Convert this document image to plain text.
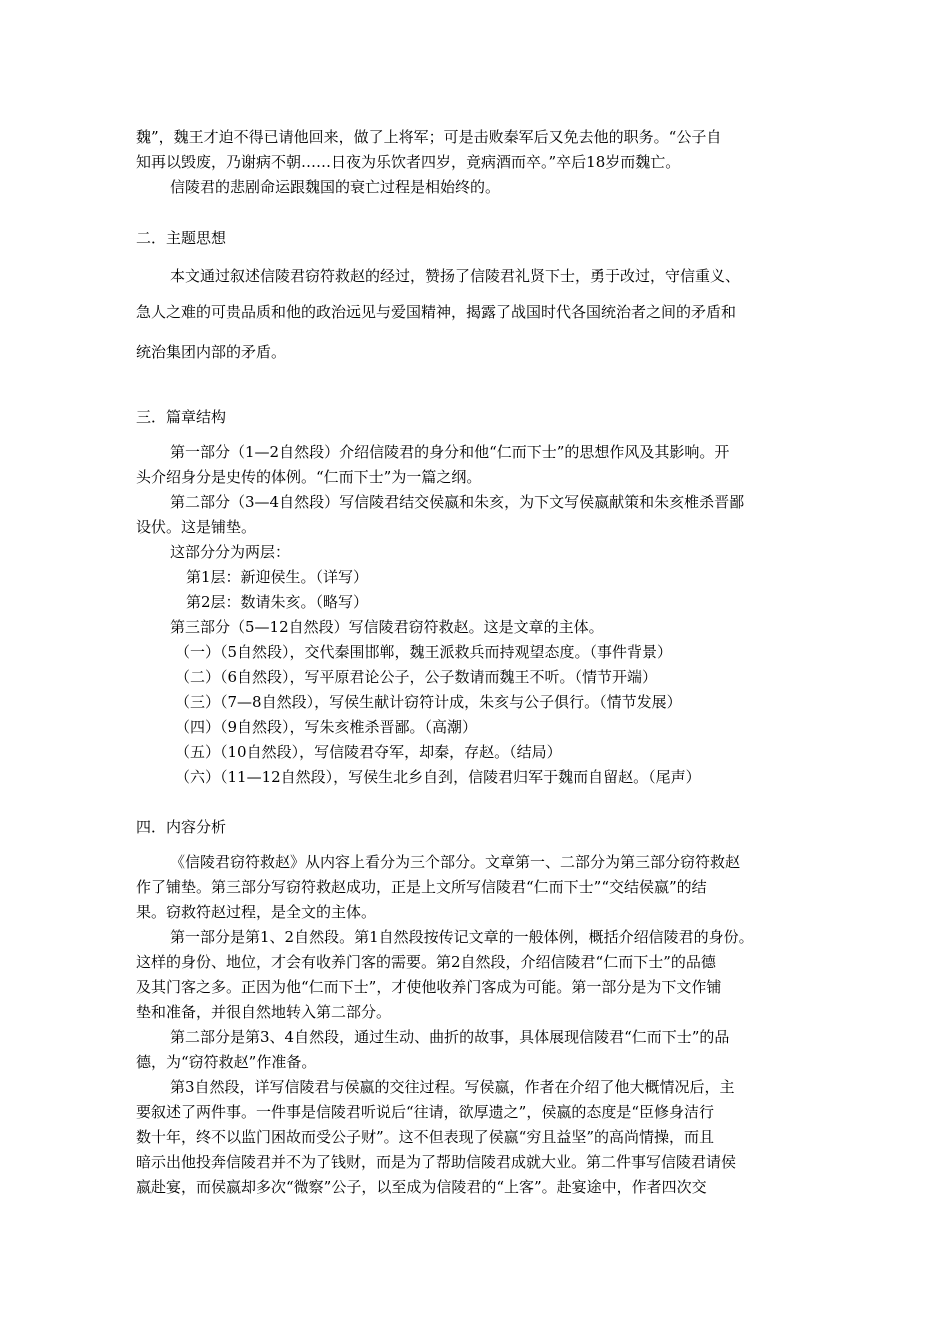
魏”，魏王才迫不得已请他回来，做了上将军；可是击败秦军后又免去他的职务。“公子自
知再以毁废，乃谢病不朝……日夜为乐饮者四岁，竟病酒而卒。”卒后18岁而魏亡。
信陵君的悲剧命运跟魏国的衰亡过程是相始终的。
二．主题思想
本文通过叙述信陵君窃符救赵的经过，赞扬了信陵君礼贤下士，勇于改过，守信重义、
急人之难的可贵品质和他的政治远见与爱国精神，揭露了战国时代各国统治者之间的矛盾和
统治集团内部的矛盾。
三．篇章结构
第一部分（1—2自然段）介绍信陵君的身分和他“仁而下士”的思想作风及其影响。开
头介绍身分是史传的体例。“仁而下士”为一篇之纲。
第二部分（3—4自然段）写信陵君结交侯嬴和朱亥，为下文写侯嬴献策和朱亥椎杀晋鄙
设伏。这是铺垫。
这部分分为两层：
第1层：新迎侯生。（详写）
第2层：数请朱亥。（略写）
第三部分（5—12自然段）写信陵君窃符救赵。这是文章的主体。
（一）（5自然段），交代秦围邯郸，魏王派救兵而持观望态度。（事件背景）
（二）（6自然段），写平原君论公子，公子数请而魏王不听。（情节开端）
（三）（7—8自然段），写侯生献计窃符计成，朱亥与公子俱行。（情节发展）
（四）（9自然段），写朱亥椎杀晋鄙。（高潮）
（五）（10自然段），写信陵君夺军，却秦，存赵。（结局）
（六）（11—12自然段），写侯生北乡自刭，信陵君归军于魏而自留赵。（尾声）
四．内容分析
《信陵君窃符救赵》从内容上看分为三个部分。文章第一、二部分为第三部分窃符救赵
作了铺垫。第三部分写窃符救赵成功，正是上文所写信陵君“仁而下士”“交结侯嬴”的结
果。窃救符赵过程，是全文的主体。
第一部分是第1、2自然段。第1自然段按传记文章的一般体例，概括介绍信陵君的身份。
这样的身份、地位，才会有收养门客的需要。第2自然段，介绍信陵君“仁而下士”的品德
及其门客之多。正因为他“仁而下士”，才使他收养门客成为可能。第一部分是为下文作铺
垫和准备，并很自然地转入第二部分。
第二部分是第3、4自然段，通过生动、曲折的故事，具体展现信陵君“仁而下士”的品
德，为“窃符救赵”作准备。
第3自然段，详写信陵君与侯嬴的交往过程。写侯嬴，作者在介绍了他大概情况后，主
要叙述了两件事。一件事是信陵君听说后“往请，欲厚遗之”，侯嬴的态度是“臣修身洁行
数十年，终不以监门困故而受公子财”。这不但表现了侯嬴“穷且益坚”的高尚情操，而且
暗示出他投奔信陵君并不为了钱财，而是为了帮助信陵君成就大业。第二件事写信陵君请侯
嬴赴宴，而侯嬴却多次“微察”公子，以至成为信陵君的“上客”。赴宴途中，作者四次交
